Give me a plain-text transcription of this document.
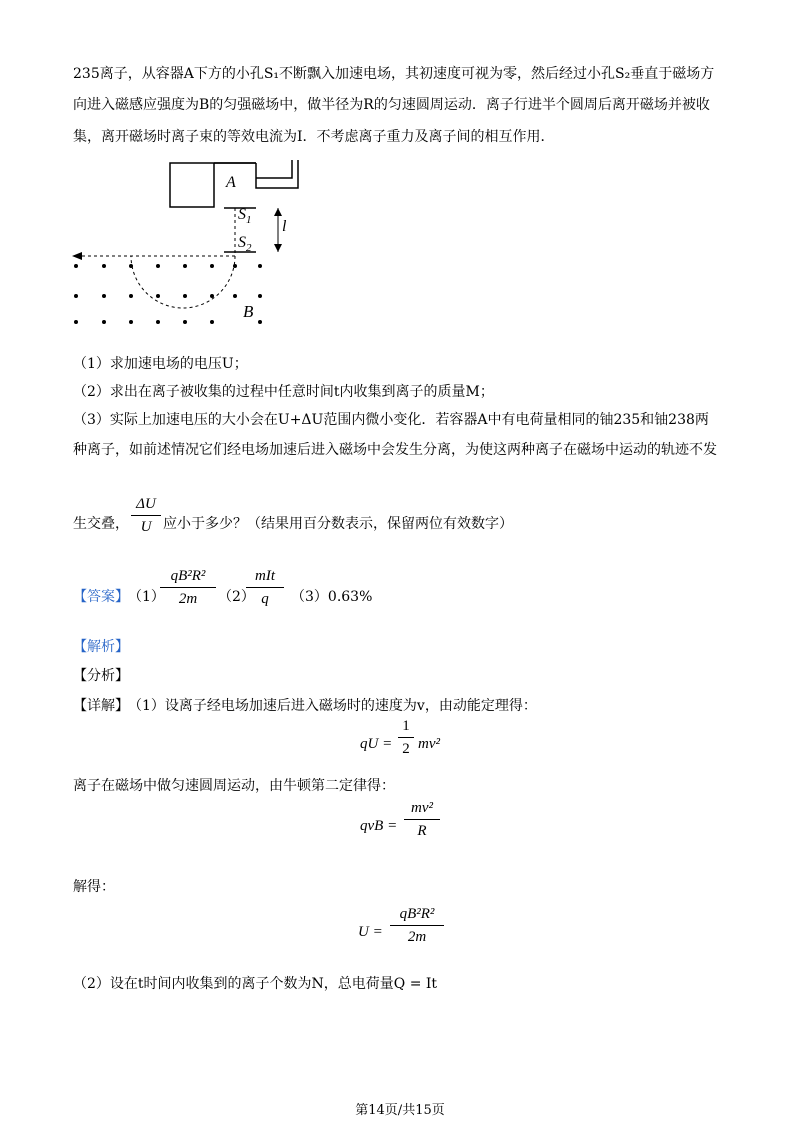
235离子，从容器A下方的小孔S₁不断飘入加速电场，其初速度可视为零，然后经过小孔S₂垂直于磁场方
向进入磁感应强度为B的匀强磁场中，做半径为R的匀速圆周运动．离子行进半个圆周后离开磁场并被收
集，离开磁场时离子束的等效电流为I．不考虑离子重力及离子间的相互作用．
A
$S_1$
$S_2$
l
B
（1）求加速电场的电压U；
（2）求出在离子被收集的过程中任意时间t内收集到离子的质量M；
（3）实际上加速电压的大小会在U+ΔU范围内微小变化．若容器A中有电荷量相同的铀235和铀238两
种离子，如前述情况它们经电场加速后进入磁场中会发生分离，为使这两种离子在磁场中运动的轨迹不发
生交叠，
ΔU
U 应小于多少？（结果用百分数表示，保留两位有效数字）
【答案】 （1）
qB²R²
2m	（2）
mIt
q	（3）0.63%
【解析】
【分析】
【详解】 （1）设离子经电场加速后进入磁场时的速度为v，由动能定理得：
qU =
1
2 mv²
离子在磁场中做匀速圆周运动，由牛顿第二定律得：
qvB =
mv²
R
解得：
U =
qB²R²
2m
（2）设在t时间内收集到的离子个数为N，总电荷量Q = It
第14页/共15页
